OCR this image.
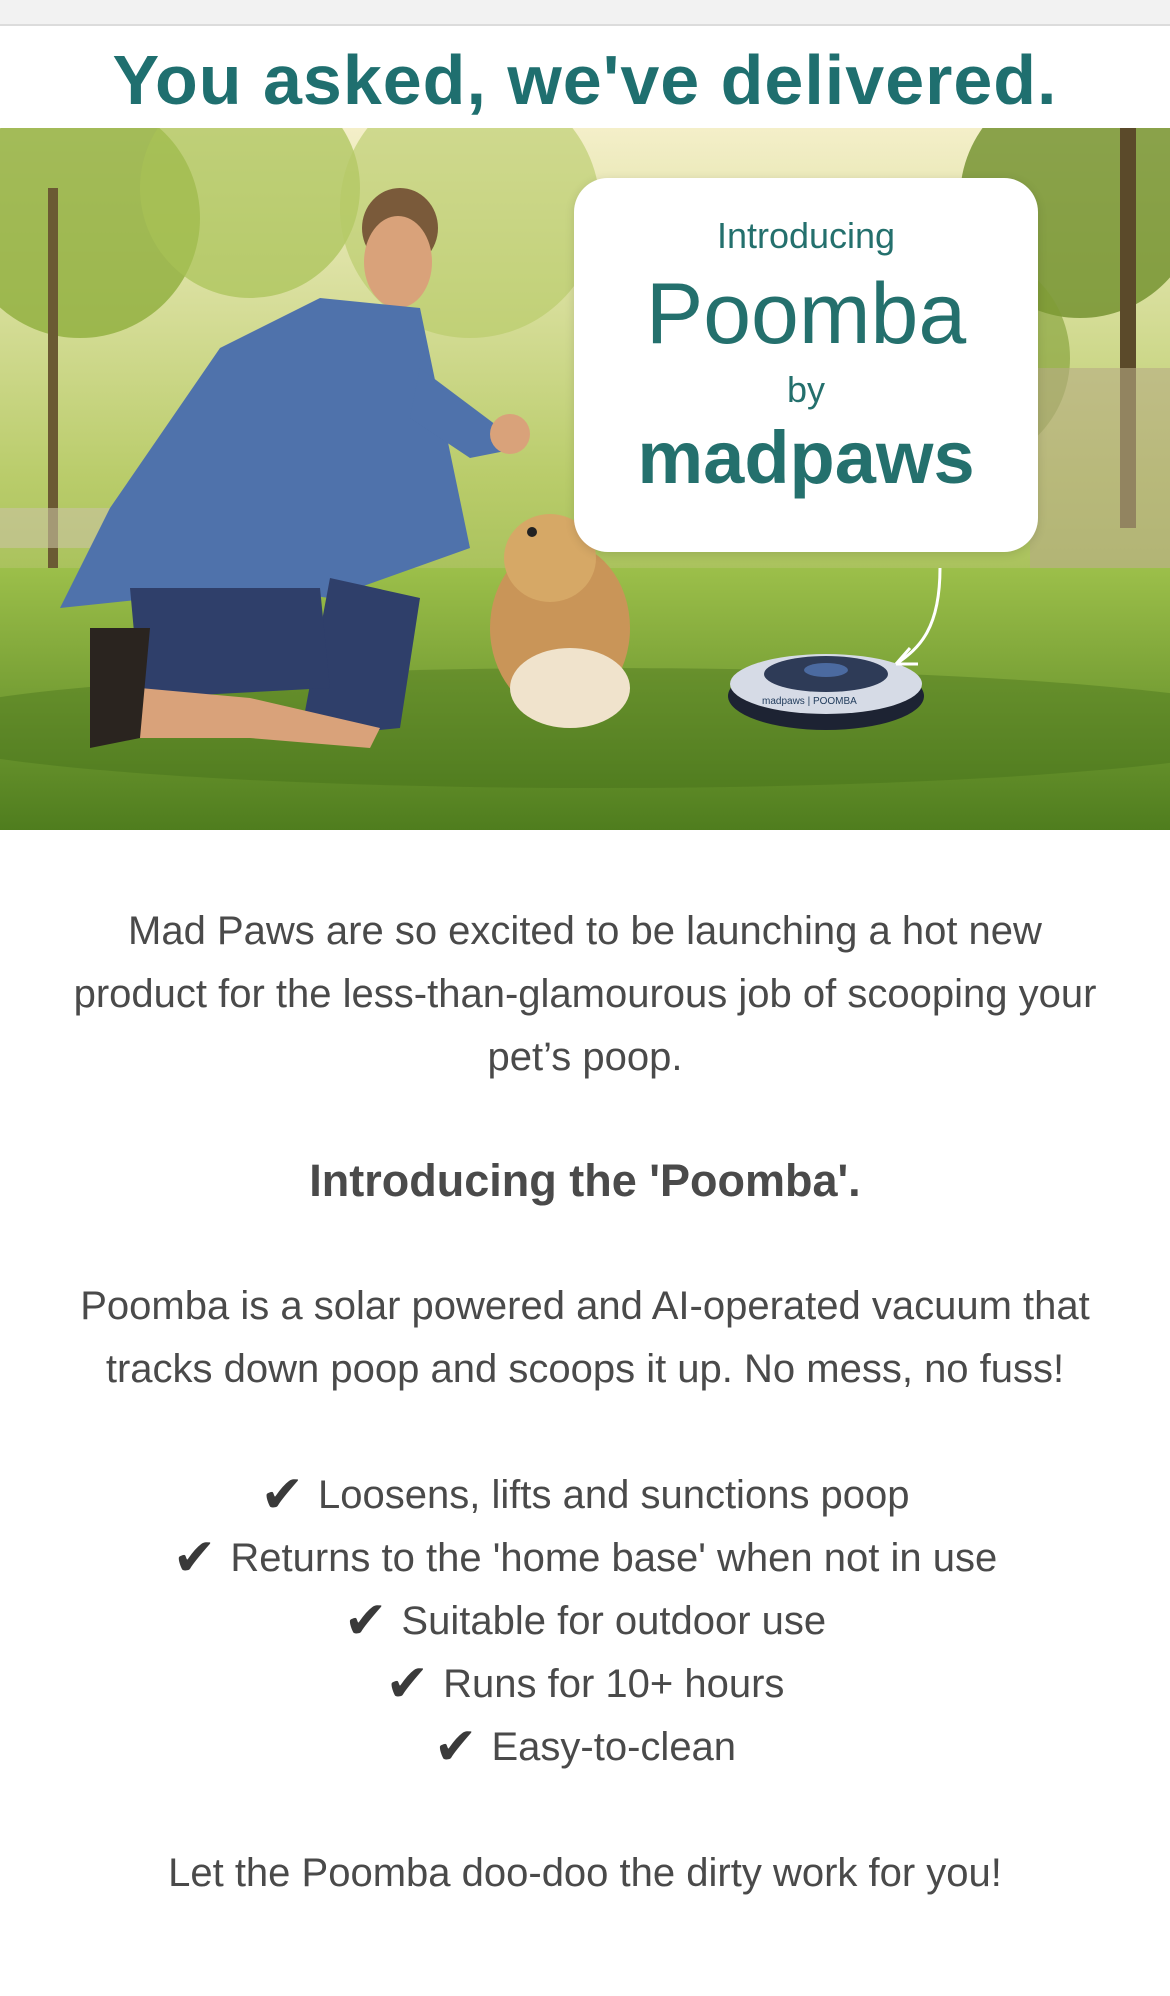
You asked, we've delivered.
Introducing
Poomba
by
madpaws
madpaws | POOMBA

Mad Paws are so excited to be launching a hot new product for the less-than-glamourous job of scooping your pet’s poop.

Introducing the 'Poomba'.

Poomba is a solar powered and AI-operated vacuum that tracks down poop and scoops it up. No mess, no fuss!

✔ Loosens, lifts and sunctions poop
✔ Returns to the 'home base' when not in use
✔ Suitable for outdoor use
✔ Runs for 10+ hours
✔ Easy-to-clean

Let the Poomba doo-doo the dirty work for you!
